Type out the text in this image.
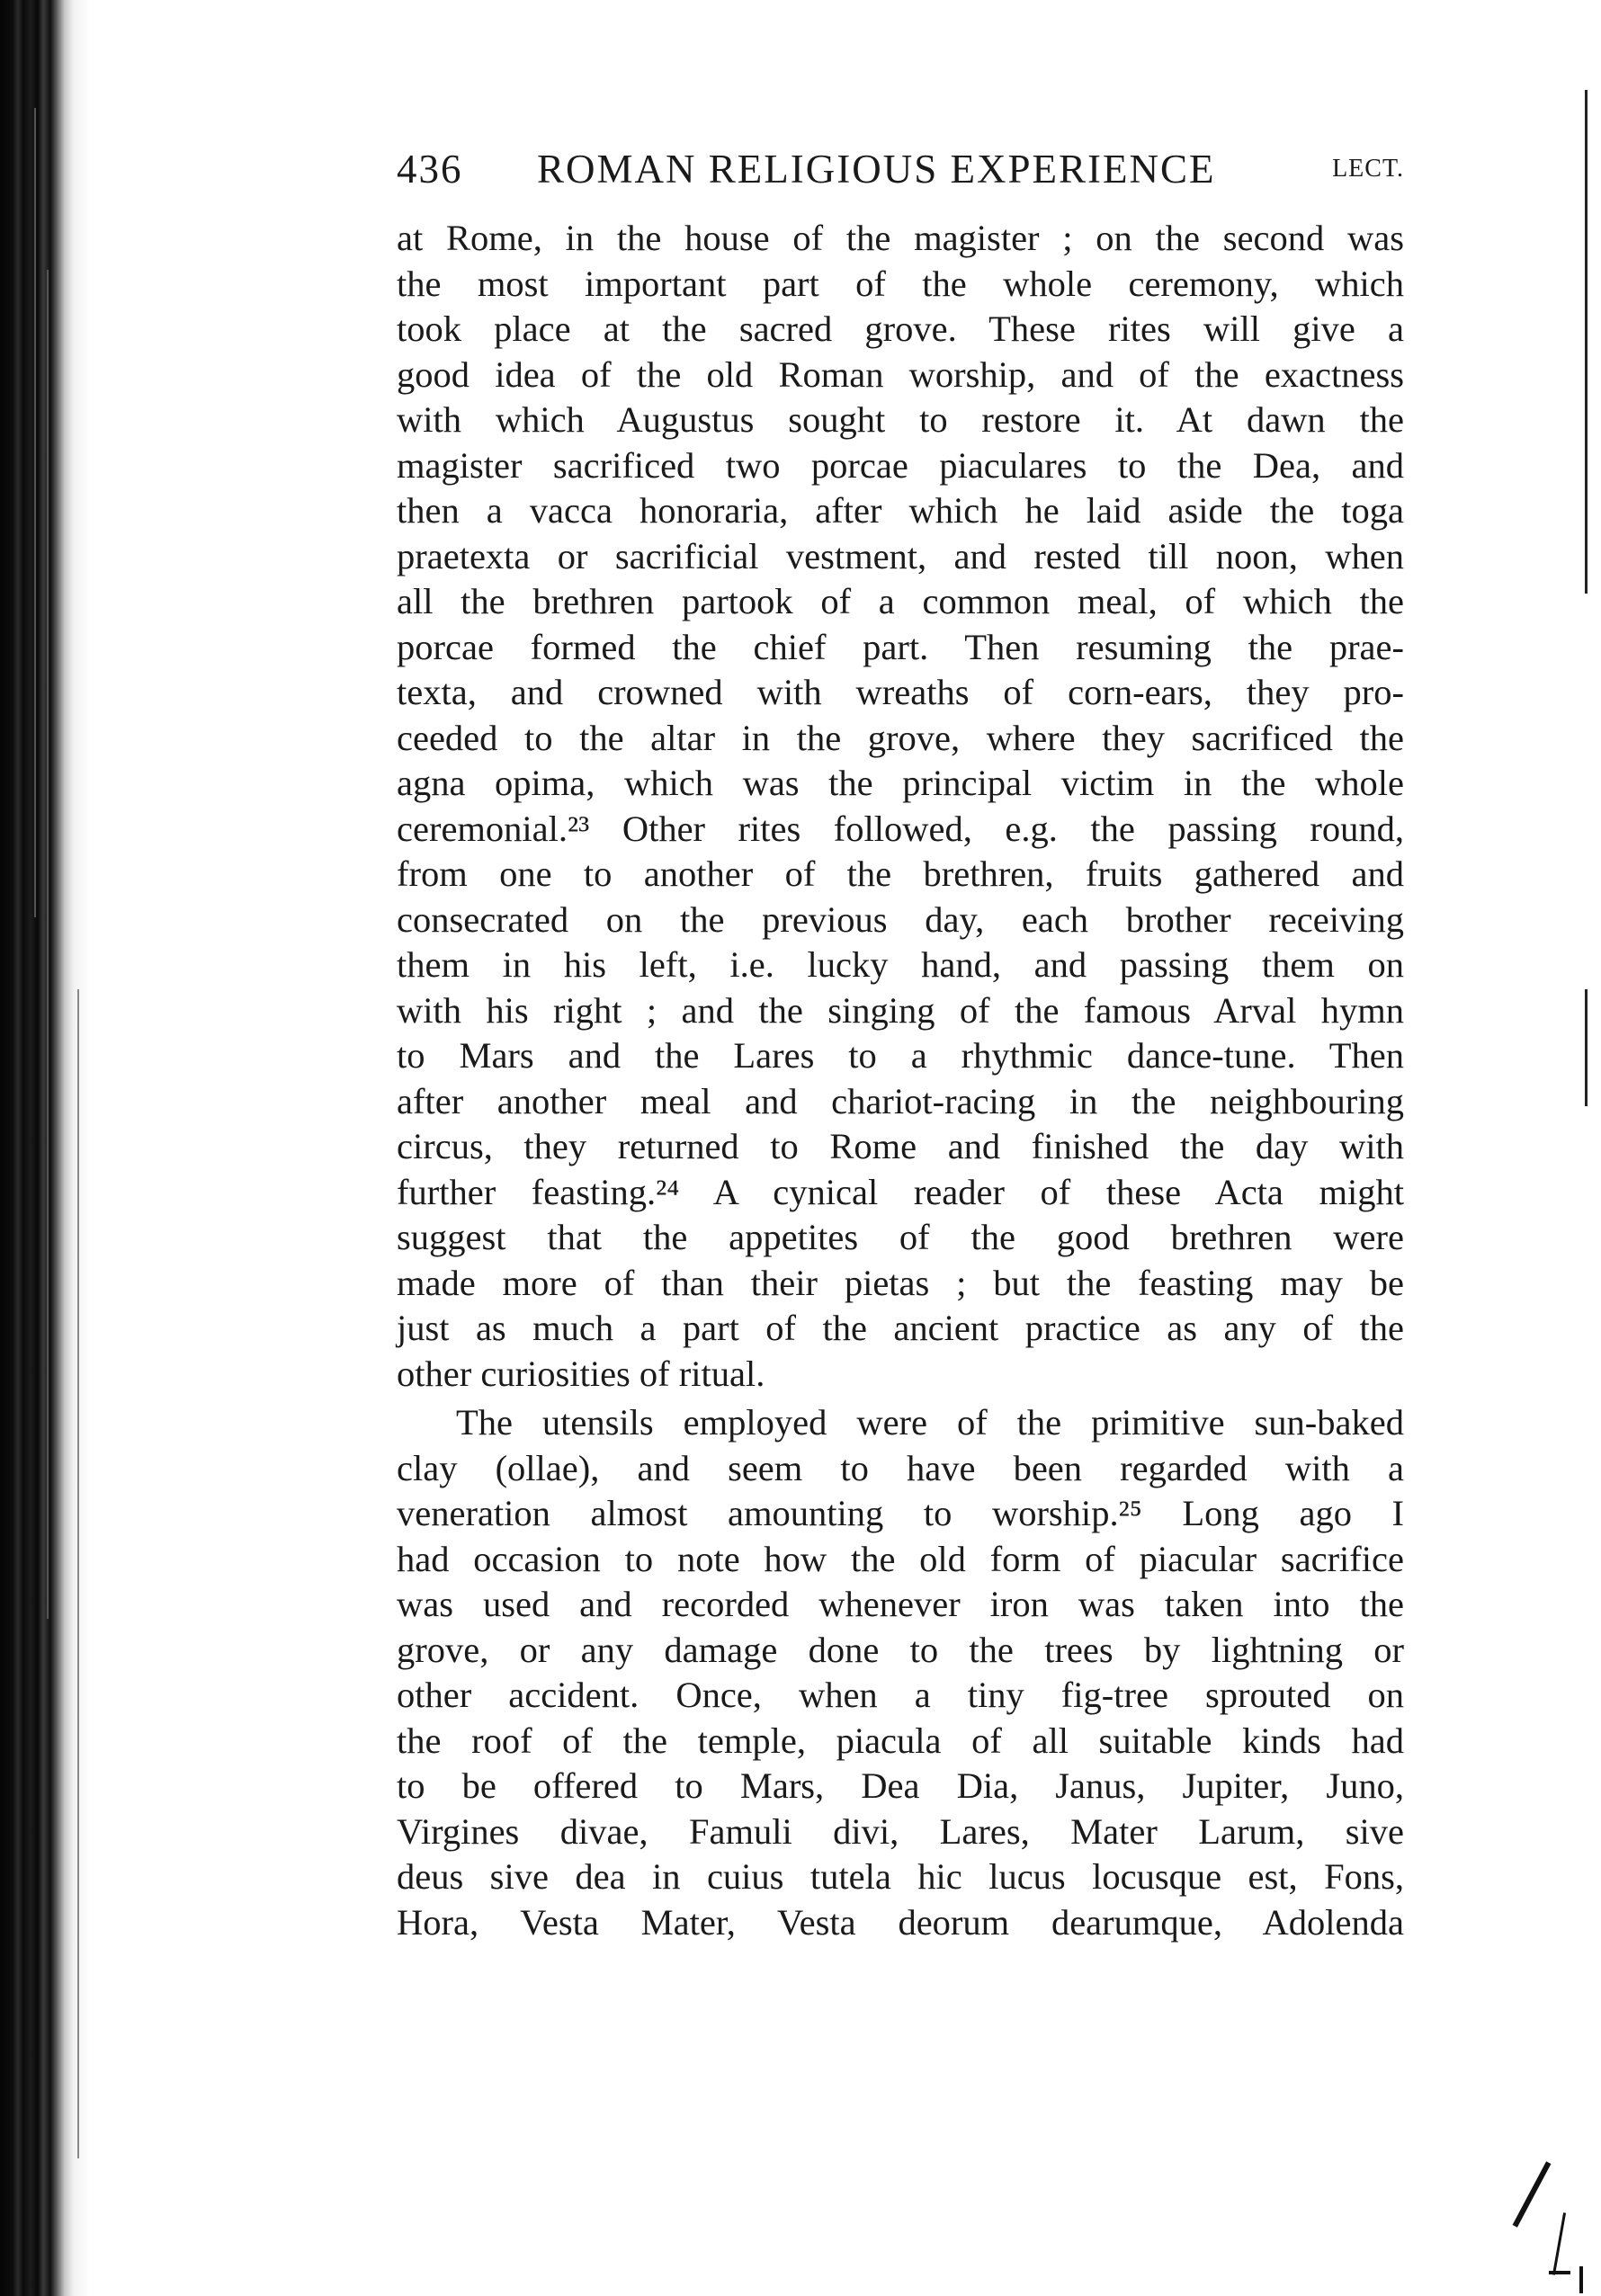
436 ROMAN RELIGIOUS EXPERIENCE	LECT.

at Rome, in the house of the magister ; on the second was
the most important part of the whole ceremony, which
took place at the sacred grove. These rites will give a
good idea of the old Roman worship, and of the exactness
with which Augustus sought to restore it. At dawn the
magister sacrificed two porcae piaculares to the Dea, and
then a vacca honoraria, after which he laid aside the toga
praetexta or sacrificial vestment, and rested till noon, when
all the brethren partook of a common meal, of which the
porcae formed the chief part. Then resuming the prae-
texta, and crowned with wreaths of corn-ears, they pro-
ceeded to the altar in the grove, where they sacrificed the
agna opima, which was the principal victim in the whole
ceremonial.²³ Other rites followed, e.g. the passing round,
from one to another of the brethren, fruits gathered and
consecrated on the previous day, each brother receiving
them in his left, i.e. lucky hand, and passing them on
with his right ; and the singing of the famous Arval hymn
to Mars and the Lares to a rhythmic dance-tune. Then
after another meal and chariot-racing in the neighbouring
circus, they returned to Rome and finished the day with
further feasting.²⁴ A cynical reader of these Acta might
suggest that the appetites of the good brethren were
made more of than their pietas ; but the feasting may be
just as much a part of the ancient practice as any of the
other curiosities of ritual.

The utensils employed were of the primitive sun-baked
clay (ollae), and seem to have been regarded with a
veneration almost amounting to worship.²⁵ Long ago I
had occasion to note how the old form of piacular sacrifice
was used and recorded whenever iron was taken into the
grove, or any damage done to the trees by lightning or
other accident. Once, when a tiny fig-tree sprouted on
the roof of the temple, piacula of all suitable kinds had
to be offered to Mars, Dea Dia, Janus, Jupiter, Juno,
Virgines divae, Famuli divi, Lares, Mater Larum, sive
deus sive dea in cuius tutela hic lucus locusque est, Fons,
Hora, Vesta Mater, Vesta deorum dearumque, Adolenda
